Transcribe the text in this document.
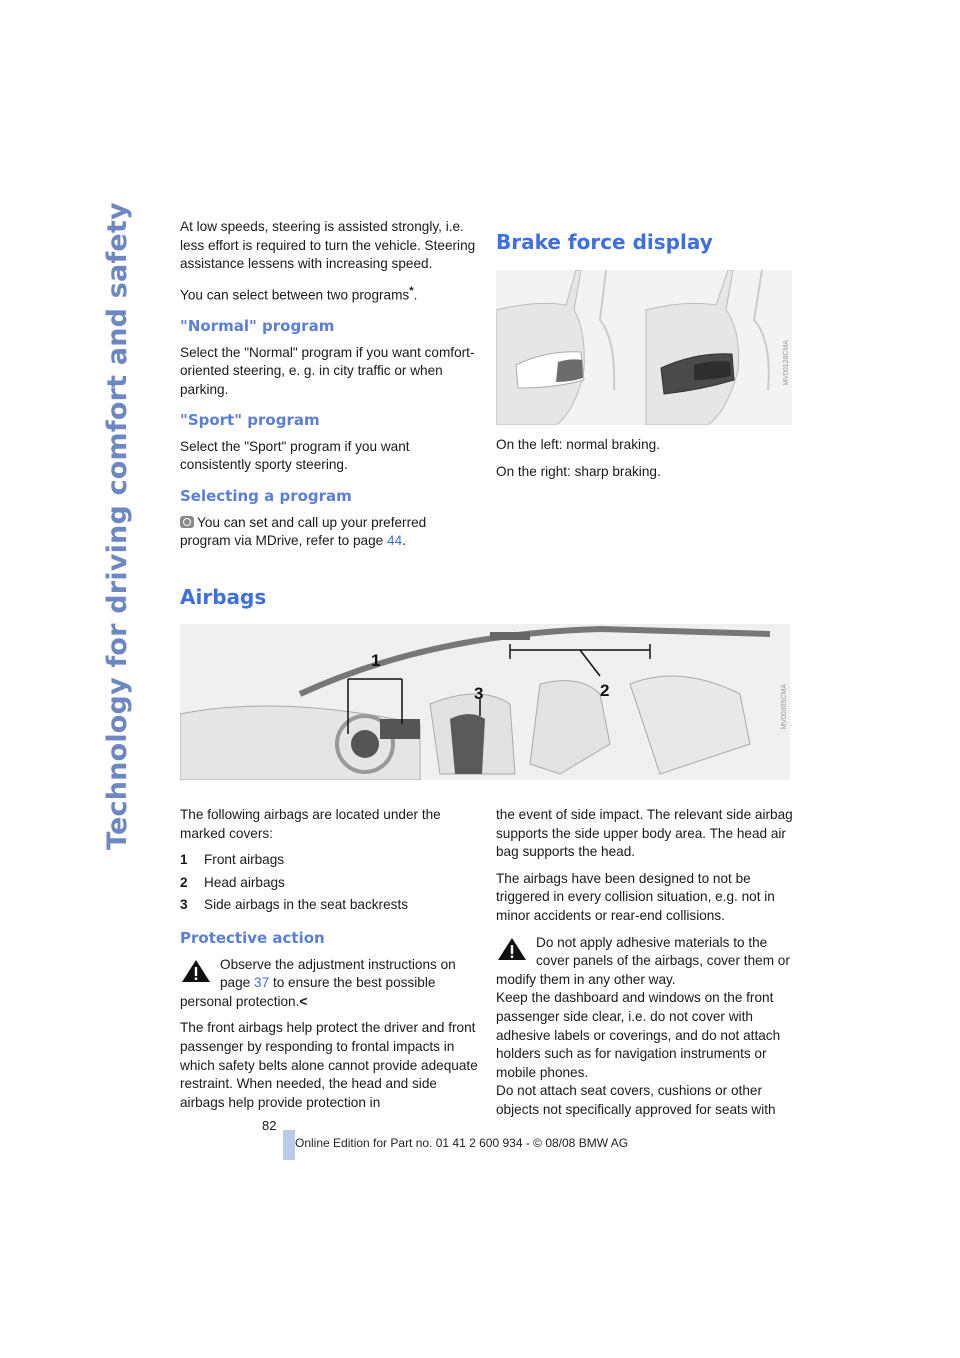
Technology for driving comfort and safety	At low speeds, steering is assisted strongly, i.e. less effort is required to turn the vehicle. Steering assistance lessens with increasing speed.

You can select between two programs*.

"Normal" program

Select the "Normal" program if you want comfort-oriented steering, e. g. in city traffic or when parking.

"Sport" program

Select the "Sport" program if you want consistently sporty steering.

Selecting a program

You can set and call up your preferred program via MDrive, refer to page 44.

Brake force display
MV00128CMA

On the left: normal braking.

On the right: sharp braking.

Airbags
1
2
3	MV00305CMA

The following airbags are located under the marked covers:

1	Front airbags
2	Head airbags
3	Side airbags in the seat backrests
Protective action
Observe the adjustment instructions on page 37 to ensure the best possible personal protection.<

The front airbags help protect the driver and front passenger by responding to frontal impacts in which safety belts alone cannot provide adequate restraint. When needed, the head and side airbags help provide protection in

the event of side impact. The relevant side airbag supports the side upper body area. The head air bag supports the head.

The airbags have been designed to not be triggered in every collision situation, e.g. not in minor accidents or rear-end collisions.

Do not apply adhesive materials to the cover panels of the airbags, cover them or modify them in any other way.

Keep the dashboard and windows on the front passenger side clear, i.e. do not cover with adhesive labels or coverings, and do not attach holders such as for navigation instruments or mobile phones.

Do not attach seat covers, cushions or other objects not specifically approved for seats with

82
Online Edition for Part no. 01 41 2 600 934 - © 08/08 BMW AG
